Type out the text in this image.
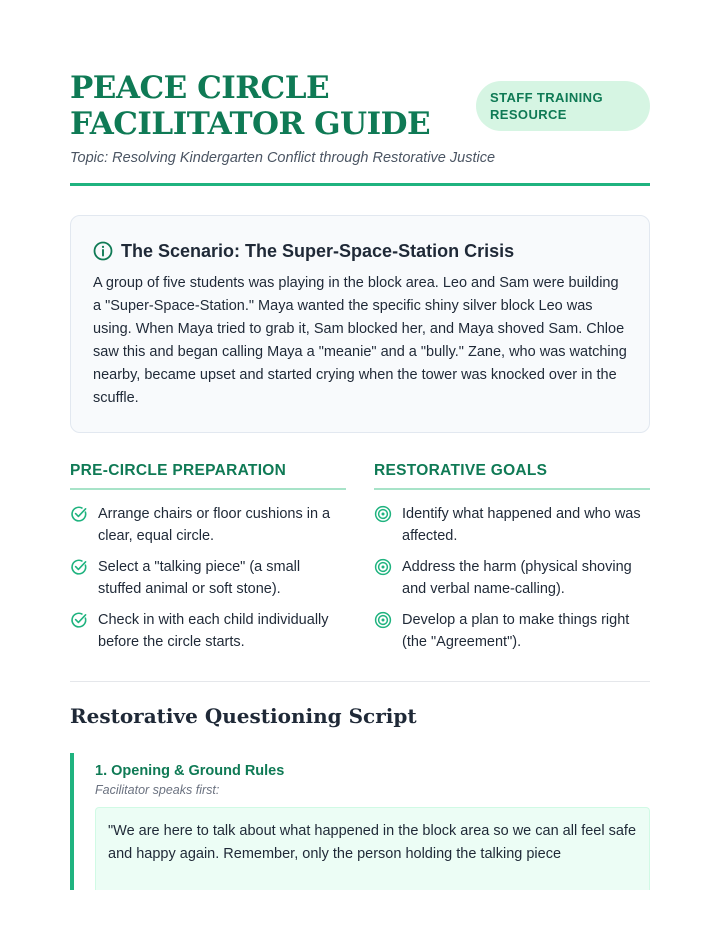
PEACE CIRCLE
FACILITATOR GUIDE
STAFF TRAINING
RESOURCE
Topic: Resolving Kindergarten Conflict through Restorative Justice
The Scenario: The Super-Space-Station Crisis

A group of five students was playing in the block area. Leo and Sam were building a "Super-Space-Station." Maya wanted the specific shiny silver block Leo was using. When Maya tried to grab it, Sam blocked her, and Maya shoved Sam. Chloe saw this and began calling Maya a "meanie" and a "bully." Zane, who was watching nearby, became upset and started crying when the tower was knocked over in the scuffle.

PRE-CIRCLE PREPARATION
Arrange chairs or floor cushions in a clear, equal circle.
Select a "talking piece" (a small stuffed animal or soft stone).
Check in with each child individually before the circle starts.
RESTORATIVE GOALS
Identify what happened and who was affected.
Address the harm (physical shoving and verbal name-calling).
Develop a plan to make things right (the "Agreement").
Restorative Questioning Script
1. Opening & Ground Rules
Facilitator speaks first:
"We are here to talk about what happened in the block area so we can all feel safe and happy again. Remember, only the person holding the talking piece
